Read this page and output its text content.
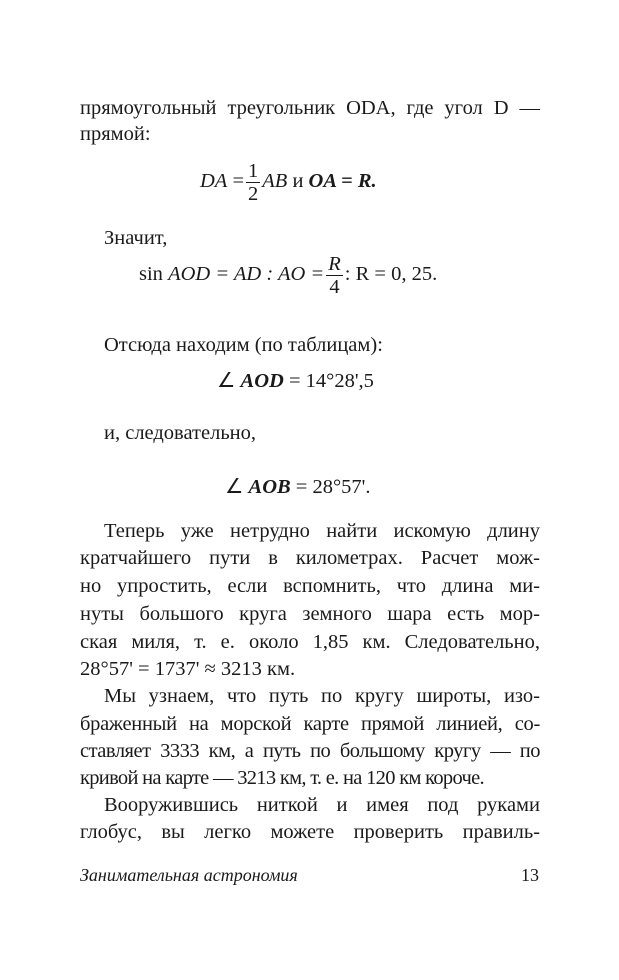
прямоугольный треугольник ODA, где угол D —
прямой:
DA = $\frac{1}{2}$ AB и OA = R.
Значит,
sin AOD = AD : AO = $\frac{R}{4}$ : R = 0, 25.
Отсюда находим (по таблицам):
∠ AOD = 14°28',5
и, следовательно,
∠ AOB = 28°57'.
Теперь уже нетрудно найти искомую длину
кратчайшего пути в километрах. Расчет мож-
но упростить, если вспомнить, что длина ми-
нуты большого круга земного шара есть мор-
ская миля, т. е. около 1,85 км. Следовательно,
28°57' = 1737' ≈ 3213 км.
Мы узнаем, что путь по кругу широты, изо-
браженный на морской карте прямой линией, со-
ставляет 3333 км, а путь по большому кругу — по
кривой на карте — 3213 км, т. е. на 120 км короче.
Вооружившись ниткой и имея под руками
глобус, вы легко можете проверить правиль-
Занимательная астрономия	13
